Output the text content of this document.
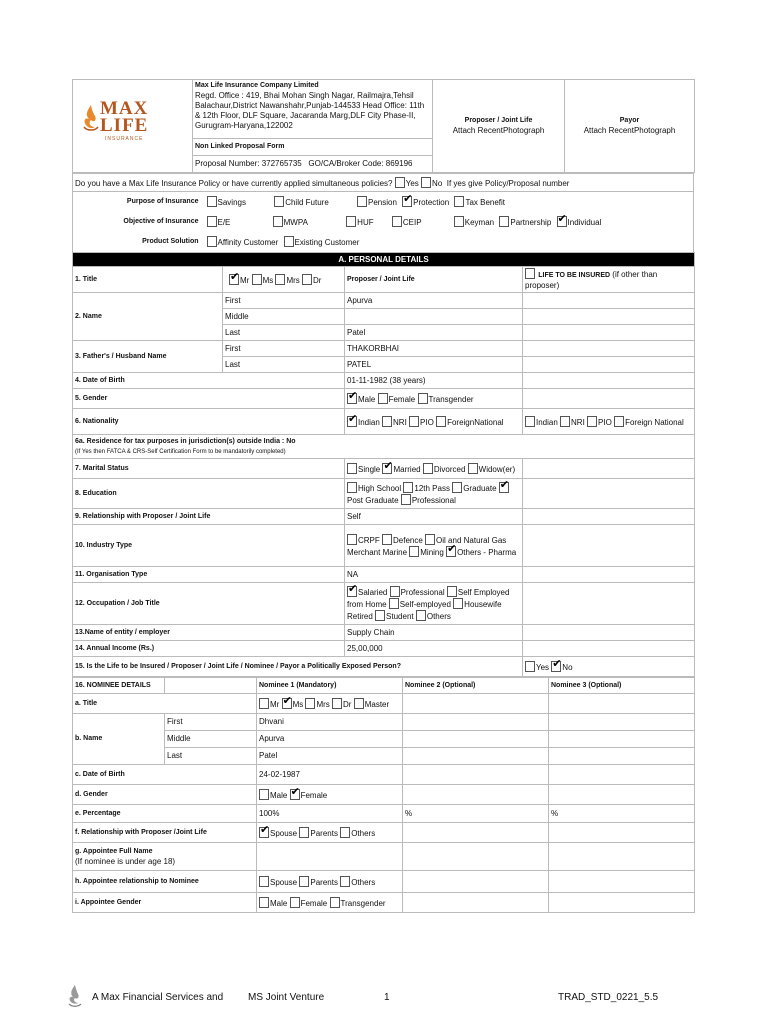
MAX
LIFE
INSURANCE

Max Life Insurance Company Limited
Regd. Office : 419, Bhai Mohan Singh Nagar, Railmajra,Tehsil Balachaur,District Nawanshahr,Punjab-144533 Head Office: 11th & 12th Floor, DLF Square, Jacaranda Marg,DLF City Phase-II, Gurugram-Haryana,122002

Proposer / Joint Life
Attach RecentPhotograph

Payor
Attach RecentPhotograph

Non Linked Proposal Form
Proposal Number: 372765735 GO/CA/Broker Code: 869196
Do you have a Max Life Insurance Policy or have currently applied simultaneous policies? Yes No If yes give Policy/Proposal number
Purpose of Insurance	Savings Child Future Pension ✔ Protection Tax Benefit
Objective of Insurance	E/E MWPA HUF CEIP Keyman Partnership ✔ Individual
Product Solution	Affinity Customer Existing Customer
A. PERSONAL DETAILS			
1. Title	✔Mr Ms Mrs Dr	Proposer / Joint Life	LIFE TO BE INSURED (if other than proposer)
2. Name	First	Apurva	
	Middle		
	Last	Patel	
3. Father's / Husband Name	First	THAKORBHAI	
	Last	PATEL	
4. Date of Birth		01-11-1982 (38 years)	
5. Gender	✔Male Female Transgender	
6. Nationality	✔Indian NRI PIO ForeignNational	Indian NRI PIO Foreign National

6a. Residence for tax purposes in jurisdiction(s) outside India : No
(If Yes then FATCA & CRS-Self Certification Form to be mandatorily completed)			

7. Marital Status		Single ✔ Married Divorced Widow(er)	
8. Education		High School 12th Pass Graduate ✔
Post Graduate Professional	
9. Relationship with Proposer / Joint Life		Self	
10. Industry Type		CRPF Defence Oil and Natural Gas
Merchant Marine Mining ✔ Others - Pharma	
11. Organisation Type		NA	
12. Occupation / Job Title	✔Salaried Professional Self Employed from Home Self-employed Housewife
Retired Student Others	
13.Name of entity / employer		Supply Chain	
14. Annual Income (Rs.)		25,00,000	
15. Is the Life to be Insured / Proposer / Joint Life / Nominee / Payor a Politically Exposed Person?			Yes ✔ No
16. NOMINEE DETAILS		Nominee 1 (Mandatory)	Nominee 2 (Optional)	Nominee 3 (Optional)
a. Title		Mr ✔ Ms Mrs Dr Master		
b. Name	First	Dhvani		
	Middle	Apurva		
	Last	Patel		
c. Date of Birth		24-02-1987		
d. Gender		Male ✔ Female		
e. Percentage		100%	%	%
f. Relationship with Proposer /Joint Life	✔Spouse Parents Others		

g. Appointee Full Name
(If nominee is under age 18)				

h. Appointee relationship to Nominee		Spouse Parents Others		
i. Appointee Gender		Male Female Transgender		
A Max Financial Services and MS Joint Venture	1	TRAD_STD_0221_5.5
